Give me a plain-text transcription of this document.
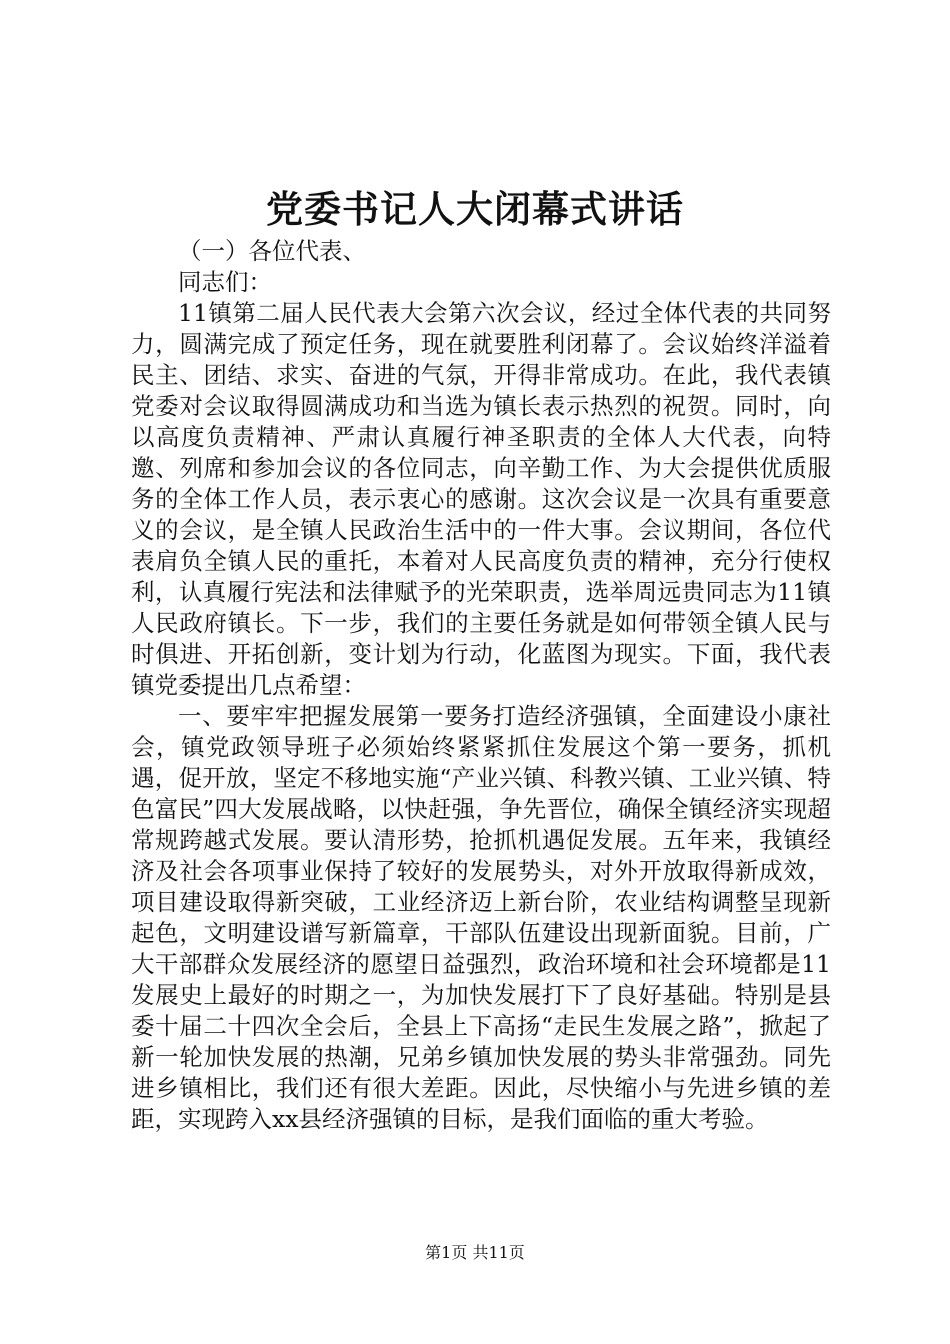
党委书记人大闭幕式讲话

（一）各位代表、

同志们：

11镇第二届人民代表大会第六次会议，经过全体代表的共同努力，圆满完成了预定任务，现在就要胜利闭幕了。会议始终洋溢着民主、团结、求实、奋进的气氛，开得非常成功。在此，我代表镇党委对会议取得圆满成功和当选为镇长表示热烈的祝贺。同时，向以高度负责精神、严肃认真履行神圣职责的全体人大代表，向特邀、列席和参加会议的各位同志，向辛勤工作、为大会提供优质服务的全体工作人员，表示衷心的感谢。这次会议是一次具有重要意义的会议，是全镇人民政治生活中的一件大事。会议期间，各位代表肩负全镇人民的重托，本着对人民高度负责的精神，充分行使权利，认真履行宪法和法律赋予的光荣职责，选举周远贵同志为11镇人民政府镇长。下一步，我们的主要任务就是如何带领全镇人民与时俱进、开拓创新，变计划为行动，化蓝图为现实。下面，我代表镇党委提出几点希望：

一、要牢牢把握发展第一要务打造经济强镇，全面建设小康社会，镇党政领导班子必须始终紧紧抓住发展这个第一要务，抓机遇，促开放，坚定不移地实施“产业兴镇、科教兴镇、工业兴镇、特色富民”四大发展战略，以快赶强，争先晋位，确保全镇经济实现超常规跨越式发展。要认清形势，抢抓机遇促发展。五年来，我镇经济及社会各项事业保持了较好的发展势头，对外开放取得新成效，项目建设取得新突破，工业经济迈上新台阶，农业结构调整呈现新起色，文明建设谱写新篇章，干部队伍建设出现新面貌。目前，广大干部群众发展经济的愿望日益强烈，政治环境和社会环境都是11发展史上最好的时期之一，为加快发展打下了良好基础。特别是县委十届二十四次全会后，全县上下高扬“走民生发展之路”，掀起了新一轮加快发展的热潮，兄弟乡镇加快发展的势头非常强劲。同先进乡镇相比，我们还有很大差距。因此，尽快缩小与先进乡镇的差距，实现跨入xx县经济强镇的目标，是我们面临的重大考验。

第1页 共11页
